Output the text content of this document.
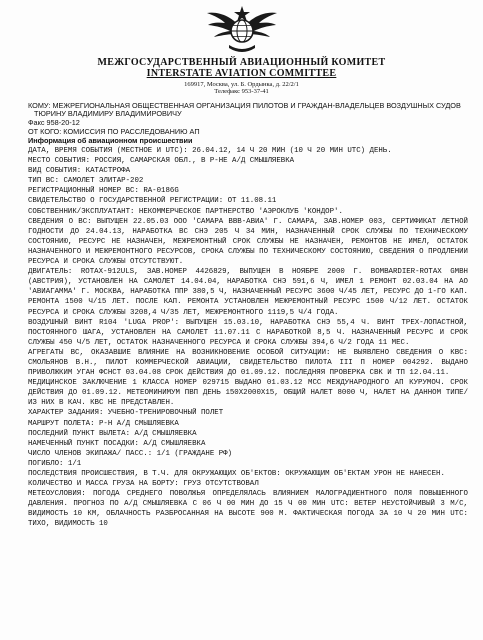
МЕЖГОСУДАРСТВЕННЫЙ АВИАЦИОННЫЙ КОМИТЕТ
INTERSTATE AVIATION COMMITTEE
169917, Москва, ул. Б. Ордынка, д. 22/2/1
Телефакс 953-37-41
КОМУ: МЕЖРЕГИОНАЛЬНАЯ ОБЩЕСТВЕННАЯ ОРГАНИЗАЦИЯ ПИЛОТОВ И ГРАЖДАН-ВЛАДЕЛЬЦЕВ ВОЗДУШНЫХ СУДОВ
ТЮРИНУ ВЛАДИМИРУ ВЛАДИМИРОВИЧУ
Факс 958-20-12
ОТ КОГО: КОМИССИЯ ПО РАССЛЕДОВАНИЮ АП
Информация об авиационном происшествии

ДАТА, ВРЕМЯ СОБЫТИЯ (МЕСТНОЕ И UTC): 26.04.12, 14 Ч 20 МИН (10 Ч 20 МИН UTC) ДЕНЬ.

МЕСТО СОБЫТИЯ: РОССИЯ, САМАРСКАЯ ОБЛ., В Р-НЕ А/Д СМЫШЛЯЕВКА

ВИД СОБЫТИЯ: КАТАСТРОФА

ТИП ВС: САМОЛЕТ ЭЛИТАР-202

РЕГИСТРАЦИОННЫЙ НОМЕР ВС: RA-0186G

СВИДЕТЕЛЬСТВО О ГОСУДАРСТВЕННОЙ РЕГИСТРАЦИИ: ОТ 11.08.11

СОБСТВЕННИК/ЭКСПЛУАТАНТ: НЕКОММЕРЧЕСКОЕ ПАРТНЕРСТВО 'АЭРОКЛУБ 'КОНДОР'.

СВЕДЕНИЯ О ВС: ВЫПУЩЕН 22.05.03 ООО 'САМАРА ВВВ-АВИА' Г. САМАРА, ЗАВ.НОМЕР 003, СЕРТИФИКАТ ЛЕТНОЙ ГОДНОСТИ ДО 24.04.13, НАРАБОТКА ВС СНЭ 205 Ч 34 МИН, НАЗНАЧЕННЫЙ СРОК СЛУЖБЫ ПО ТЕХНИЧЕСКОМУ СОСТОЯНИЮ, РЕСУРС НЕ НАЗНАЧЕН, МЕЖРЕМОНТНЫЙ СРОК СЛУЖБЫ НЕ НАЗНАЧЕН, РЕМОНТОВ НЕ ИМЕЛ, ОСТАТОК НАЗНАЧЕННОГО И МЕЖРЕМОНТНОГО РЕСУРСОВ, СРОКА СЛУЖБЫ ПО ТЕХНИЧЕСКОМУ СОСТОЯНИЮ, СВЕДЕНИЯ О ПРОДЛЕНИИ РЕСУРСА И СРОКА СЛУЖБЫ ОТСУТСТВУЮТ.

ДВИГАТЕЛЬ: ROTAX-912ULS, ЗАВ.НОМЕР 4426829, ВЫПУЩЕН В НОЯБРЕ 2000 Г. BOMBARDIER-ROTAX GMBH (АВСТРИЯ), УСТАНОВЛЕН НА САМОЛЕТ 14.04.04, НАРАБОТКА СНЭ 591,6 Ч, ИМЕЛ 1 РЕМОНТ 02.03.04 НА АО 'АВИАГАММА' Г. МОСКВА, НАРАБОТКА ППР 380,5 Ч, НАЗНАЧЕННЫЙ РЕСУРС 3600 Ч/45 ЛЕТ, РЕСУРС ДО 1-ГО КАП. РЕМОНТА 1500 Ч/15 ЛЕТ. ПОСЛЕ КАП. РЕМОНТА УСТАНОВЛЕН МЕЖРЕМОНТНЫЙ РЕСУРС 1500 Ч/12 ЛЕТ. ОСТАТОК РЕСУРСА И СРОКА СЛУЖБЫ 3208,4 Ч/35 ЛЕТ, МЕЖРЕМОНТНОГО 1119,5 Ч/4 ГОДА.

ВОЗДУШНЫЙ ВИНТ R104 'LUGA PROP': ВЫПУЩЕН 15.03.10, НАРАБОТКА СНЭ 55,4 Ч. ВИНТ ТРЕХ-ЛОПАСТНОЙ, ПОСТОЯННОГО ШАГА, УСТАНОВЛЕН НА САМОЛЕТ 11.07.11 С НАРАБОТКОЙ 8,5 Ч. НАЗНАЧЕННЫЙ РЕСУРС И СРОК СЛУЖБЫ 450 Ч/5 ЛЕТ, ОСТАТОК НАЗНАЧЕННОГО РЕСУРСА И СРОКА СЛУЖБЫ 394,6 Ч/2 ГОДА 11 МЕС.

АГРЕГАТЫ ВС, ОКАЗАВШИЕ ВЛИЯНИЕ НА ВОЗНИКНОВЕНИЕ ОСОБОЙ СИТУАЦИИ: НЕ ВЫЯВЛЕНО СВЕДЕНИЯ О КВС: СМОЛЬЯНОВ В.Н., ПИЛОТ КОММЕРЧЕСКОЙ АВИАЦИИ, СВИДЕТЕЛЬСТВО ПИЛОТА III П НОМЕР 004292. ВЫДАНО ПРИВОЛЖКИМ УГАН ФСНСТ 03.04.08 СРОК ДЕЙСТВИЯ ДО 01.09.12. ПОСЛЕДНЯЯ ПРОВЕРКА СВК И ТП 12.04.11.

МЕДИЦИНСКОЕ ЗАКЛЮЧЕНИЕ 1 КЛАССА НОМЕР 029715 ВЫДАНО 01.03.12 МСС МЕЖДУНАРОДНОГО АП КУРУМОЧ. СРОК ДЕЙСТВИЯ ДО 01.09.12. МЕТЕОМИНИМУМ ПВП ДЕНЬ 150Х2000Х15, ОБЩИЙ НАЛЕТ 8000 Ч, НАЛЕТ НА ДАННОМ ТИПЕ/ИЗ НИХ В КАЧ. КВС НЕ ПРЕДСТАВЛЕН.

ХАРАКТЕР ЗАДАНИЯ: УЧЕБНО-ТРЕНИРОВОЧНЫЙ ПОЛЕТ

МАРШРУТ ПОЛЕТА: Р-Н А/Д СМЫШЛЯЕВКА

ПОСЛЕДНИЙ ПУНКТ ВЫЛЕТА: А/Д СМЫШЛЯЕВКА

НАМЕЧЕННЫЙ ПУНКТ ПОСАДКИ: А/Д СМЫШЛЯЕВКА

ЧИСЛО ЧЛЕНОВ ЭКИПАЖА/ ПАСС.: 1/1 (ГРАЖДАНЕ РФ)

ПОГИБЛО: 1/1

ПОСЛЕДСТВИЯ ПРОИСШЕСТВИЯ, В Т.Ч. ДЛЯ ОКРУЖАЮЩИХ ОБ'ЕКТОВ: ОКРУЖАЮЩИМ ОБ'ЕКТАМ УРОН НЕ НАНЕСЕН.

КОЛИЧЕСТВО И МАССА ГРУЗА НА БОРТУ: ГРУЗ ОТСУТСТВОВАЛ

МЕТЕОУСЛОВИЯ: ПОГОДА СРЕДНЕГО ПОВОЛЖЬЯ ОПРЕДЕЛЯЛАСЬ ВЛИЯНИЕМ МАЛОГРАДИЕНТНОГО ПОЛЯ ПОВЫШЕННОГО ДАВЛЕНИЯ. ПРОГНОЗ ПО А/Д СМЫШЛЯЕВКА С 06 Ч 00 МИН ДО 15 Ч 00 МИН UTC: ВЕТЕР НЕУСТОЙЧИВЫЙ 3 М/С, ВИДИМОСТЬ 10 КМ, ОБЛАЧНОСТЬ РАЗБРОСАННАЯ НА ВЫСОТЕ 900 М. ФАКТИЧЕСКАЯ ПОГОДА ЗА 10 Ч 20 МИН UTC: ТИХО, ВИДИМОСТЬ 10
